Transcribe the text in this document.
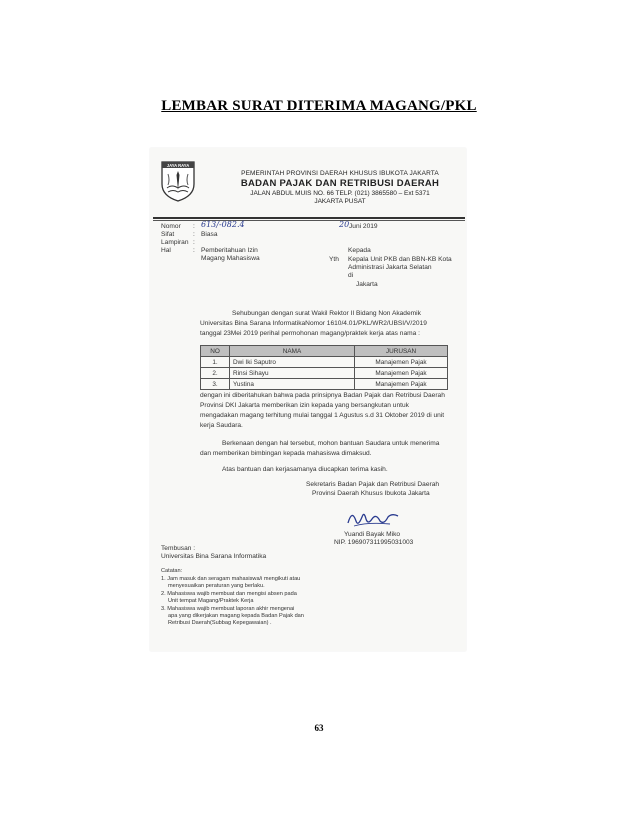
LEMBAR SURAT DITERIMA MAGANG/PKL
JAYA RAYA
PEMERINTAH PROVINSI DAERAH KHUSUS IBUKOTA JAKARTA
BADAN PAJAK DAN RETRIBUSI DAERAH
JALAN ABDUL MUIS NO. 66 TELP. (021) 3865580 – Ext 5371
JAKARTA PUSAT
Nomor : 613/-082.4	20 Juni 2019
Sifat	: Biasa
Lampiran :
Hal	: Pemberitahuan Izin
Magang Mahasiswa
Kepada
Yth Kepala Unit PKB dan BBN-KB Kota
Administrasi Jakarta Selatan
di
Jakarta
Sehubungan dengan surat Wakil Rektor II Bidang Non Akademik
Universitas Bina Sarana InformatikaNomor 1610/4.01/PKL/WR2/UBSI/V/2019
tanggal 23Mei 2019 perihal permohonan magang/praktek kerja atas nama :
NO	NAMA	JURUSAN
1.	Dwi Iki Saputro	Manajemen Pajak
2.	Rinsi Sihayu	Manajemen Pajak
3.	Yustina	Manajemen Pajak
dengan ini diberitahukan bahwa pada prinsipnya Badan Pajak dan Retribusi Daerah
Provinsi DKI Jakarta memberikan izin kepada yang bersangkutan untuk
mengadakan magang terhitung mulai tanggal 1 Agustus s.d 31 Oktober 2019 di unit
kerja Saudara.
Berkenaan dengan hal tersebut, mohon bantuan Saudara untuk menerima
dan memberikan bimbingan kepada mahasiswa dimaksud.
Atas bantuan dan kerjasamanya diucapkan terima kasih.
Sekretaris Badan Pajak dan Retribusi Daerah
Provinsi Daerah Khusus Ibukota Jakarta
Yuandi Bayak Miko
NIP. 196907311995031003
Tembusan :
Universitas Bina Sarana Informatika
Catatan:
1. Jam masuk dan seragam mahasiswa/i mengikuti atau
menyesuaikan peraturan yang berlaku.
2. Mahasiswa wajib membuat dan mengisi absen pada
Unit tempat Magang/Praktek Kerja
3. Mahasiswa wajib membuat laporan akhir mengenai
apa yang dikerjakan magang kepada Badan Pajak dan
Retribusi Daerah(Subbag Kepegawaian) .
63
